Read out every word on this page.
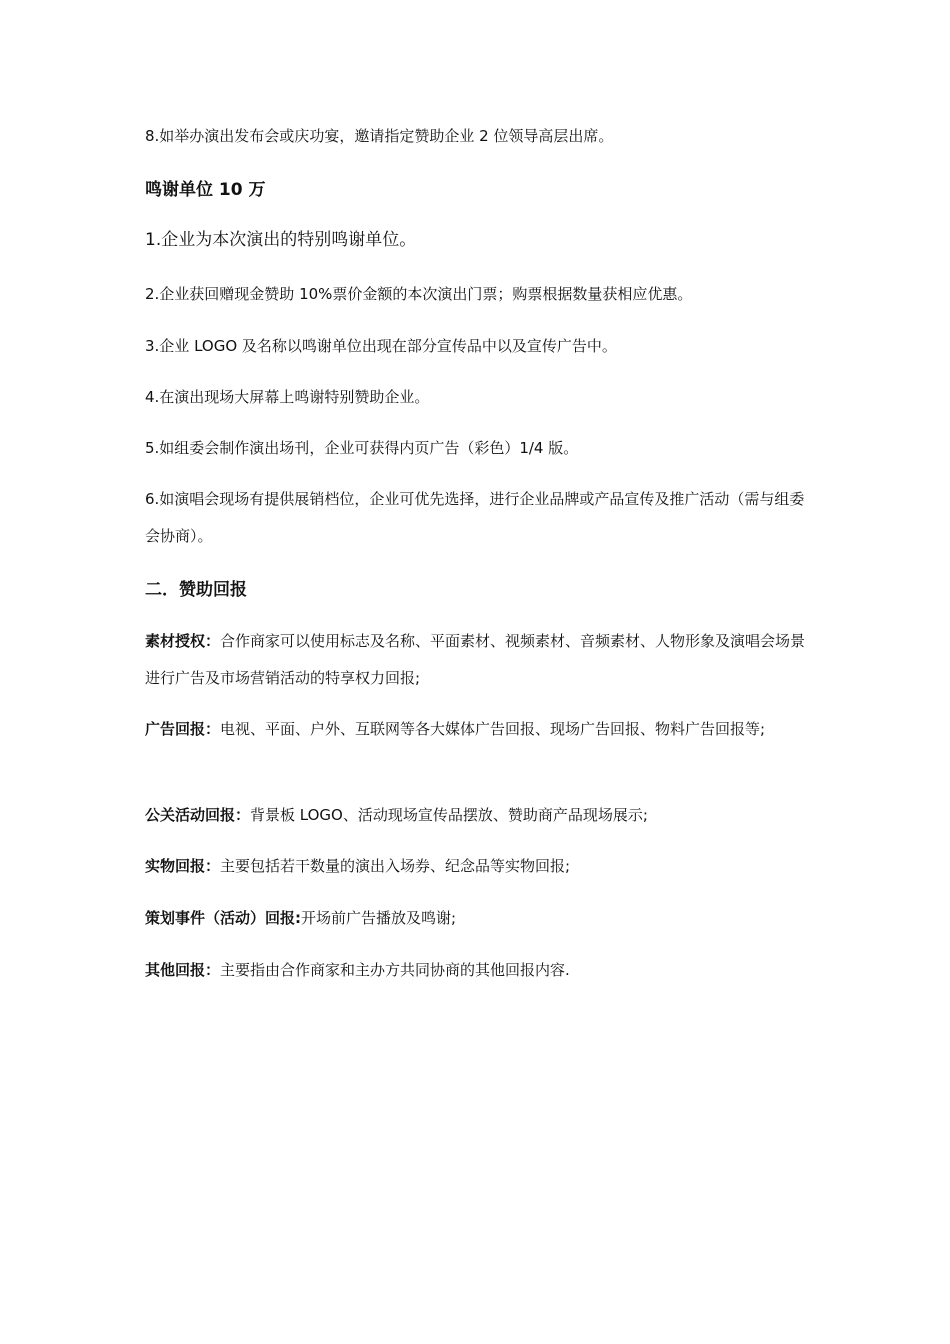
8.如举办演出发布会或庆功宴，邀请指定赞助企业 2 位领导高层出席。

鸣谢单位 10 万

1.企业为本次演出的特别鸣谢单位。

2.企业获回赠现金赞助 10%票价金额的本次演出门票；购票根据数量获相应优惠。

3.企业 LOGO 及名称以鸣谢单位出现在部分宣传品中以及宣传广告中。

4.在演出现场大屏幕上鸣谢特别赞助企业。

5.如组委会制作演出场刊，企业可获得内页广告（彩色）1/4 版。

6.如演唱会现场有提供展销档位，企业可优先选择，进行企业品牌或产品宣传及推广活动（需与组委会协商）。

二．赞助回报

素材授权：合作商家可以使用标志及名称、平面素材、视频素材、音频素材、人物形象及演唱会场景进行广告及市场营销活动的特享权力回报;

广告回报：电视、平面、户外、互联网等各大媒体广告回报、现场广告回报、物料广告回报等;

公关活动回报：背景板 LOGO、活动现场宣传品摆放、赞助商产品现场展示;

实物回报：主要包括若干数量的演出入场券、纪念品等实物回报;

策划事件（活动）回报:开场前广告播放及鸣谢;

其他回报：主要指由合作商家和主办方共同协商的其他回报内容.
